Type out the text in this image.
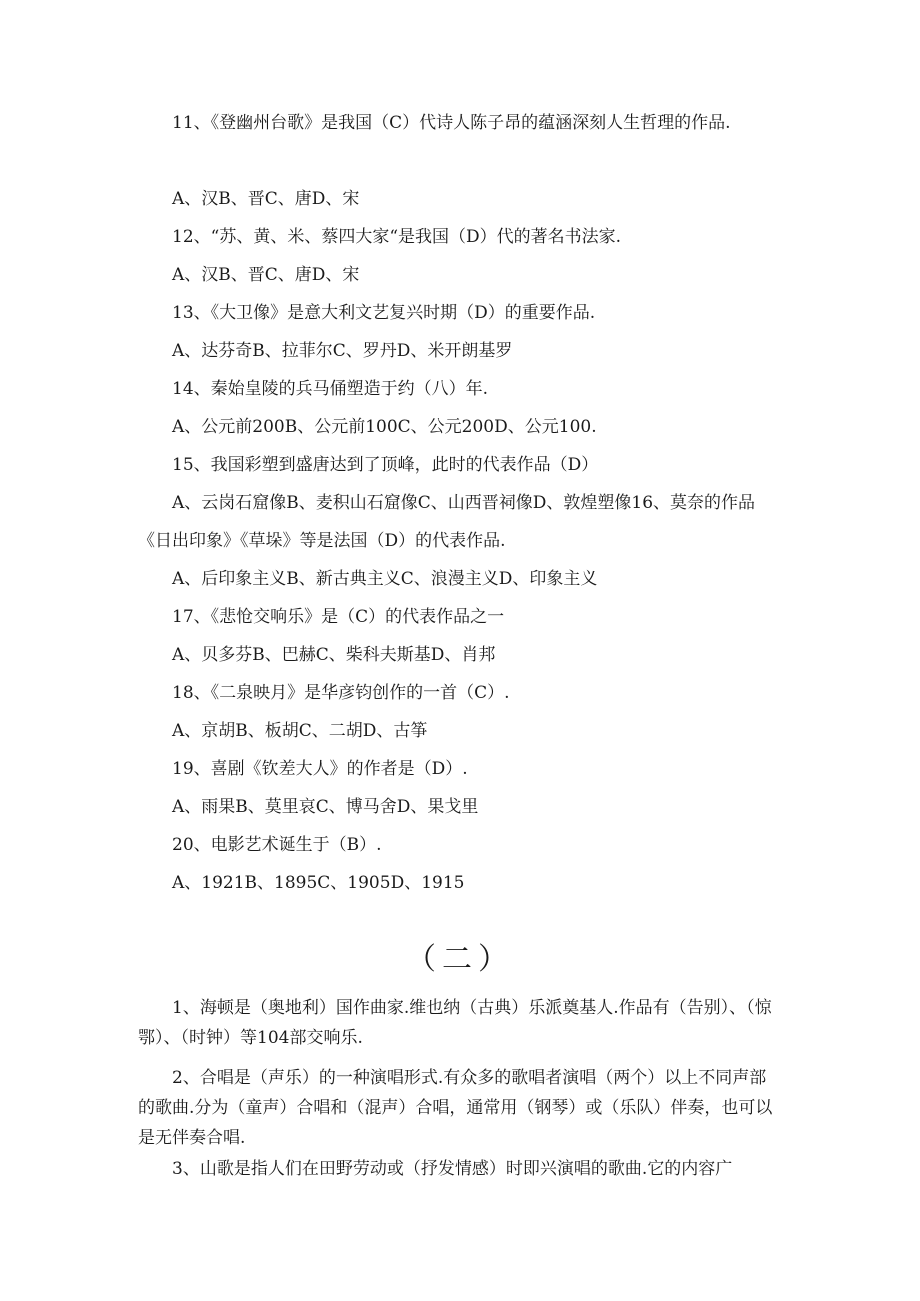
11、《登幽州台歌》是我国（C）代诗人陈子昂的蕴涵深刻人生哲理的作品.

A、汉B、晋C、唐D、宋

12、“苏、黄、米、蔡四大家“是我国（D）代的著名书法家.

A、汉B、晋C、唐D、宋

13、《大卫像》是意大利文艺复兴时期（D）的重要作品.

A、达芬奇B、拉菲尔C、罗丹D、米开朗基罗

14、秦始皇陵的兵马俑塑造于约（八）年.

A、公元前200B、公元前100C、公元200D、公元100.

15、我国彩塑到盛唐达到了顶峰，此时的代表作品（D）

A、云岗石窟像B、麦积山石窟像C、山西晋祠像D、敦煌塑像16、莫奈的作品《日出印象》《草垛》等是法国（D）的代表作品.

A、后印象主义B、新古典主义C、浪漫主义D、印象主义

17、《悲怆交响乐》是（C）的代表作品之一

A、贝多芬B、巴赫C、柴科夫斯基D、肖邦

18、《二泉映月》是华彦钧创作的一首（C）.

A、京胡B、板胡C、二胡D、古筝

19、喜剧《钦差大人》的作者是（D）.

A、雨果B、莫里哀C、博马舍D、果戈里

20、电影艺术诞生于（B）.

A、1921B、1895C、1905D、1915

（二）

1、海顿是（奥地利）国作曲家.维也纳（古典）乐派奠基人.作品有（告别）、（惊鄂）、（时钟）等104部交响乐.

2、合唱是（声乐）的一种演唱形式.有众多的歌唱者演唱（两个）以上不同声部的歌曲.分为（童声）合唱和（混声）合唱，通常用（钢琴）或（乐队）伴奏，也可以是无伴奏合唱.

3、山歌是指人们在田野劳动或（抒发情感）时即兴演唱的歌曲.它的内容广
